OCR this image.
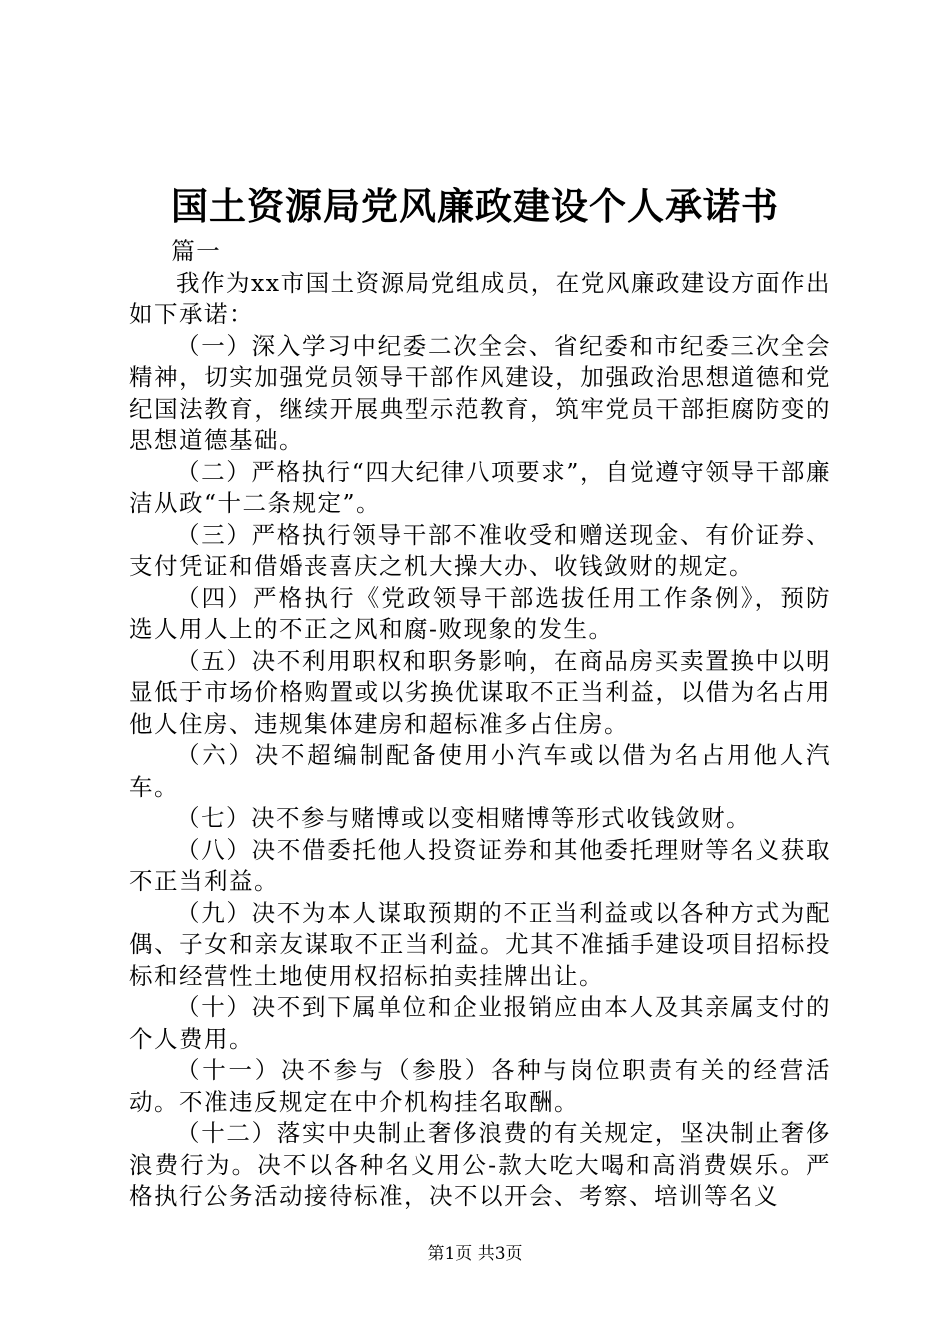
国土资源局党风廉政建设个人承诺书

篇一

我作为xx市国土资源局党组成员，在党风廉政建设方面作出如下承诺：

（一）深入学习中纪委二次全会、省纪委和市纪委三次全会精神，切实加强党员领导干部作风建设，加强政治思想道德和党纪国法教育，继续开展典型示范教育，筑牢党员干部拒腐防变的思想道德基础。

（二）严格执行“四大纪律八项要求”，自觉遵守领导干部廉洁从政“十二条规定”。

（三）严格执行领导干部不准收受和赠送现金、有价证券、支付凭证和借婚丧喜庆之机大操大办、收钱敛财的规定。

（四）严格执行《党政领导干部选拔任用工作条例》，预防选人用人上的不正之风和腐-败现象的发生。

（五）决不利用职权和职务影响，在商品房买卖置换中以明显低于市场价格购置或以劣换优谋取不正当利益，以借为名占用他人住房、违规集体建房和超标准多占住房。

（六）决不超编制配备使用小汽车或以借为名占用他人汽车。

（七）决不参与赌博或以变相赌博等形式收钱敛财。

（八）决不借委托他人投资证券和其他委托理财等名义获取不正当利益。

（九）决不为本人谋取预期的不正当利益或以各种方式为配偶、子女和亲友谋取不正当利益。尤其不准插手建设项目招标投标和经营性土地使用权招标拍卖挂牌出让。

（十）决不到下属单位和企业报销应由本人及其亲属支付的个人费用。

（十一）决不参与（参股）各种与岗位职责有关的经营活动。不准违反规定在中介机构挂名取酬。

（十二）落实中央制止奢侈浪费的有关规定，坚决制止奢侈浪费行为。决不以各种名义用公-款大吃大喝和高消费娱乐。严格执行公务活动接待标准，决不以开会、考察、培训等名义

第1页 共3页
